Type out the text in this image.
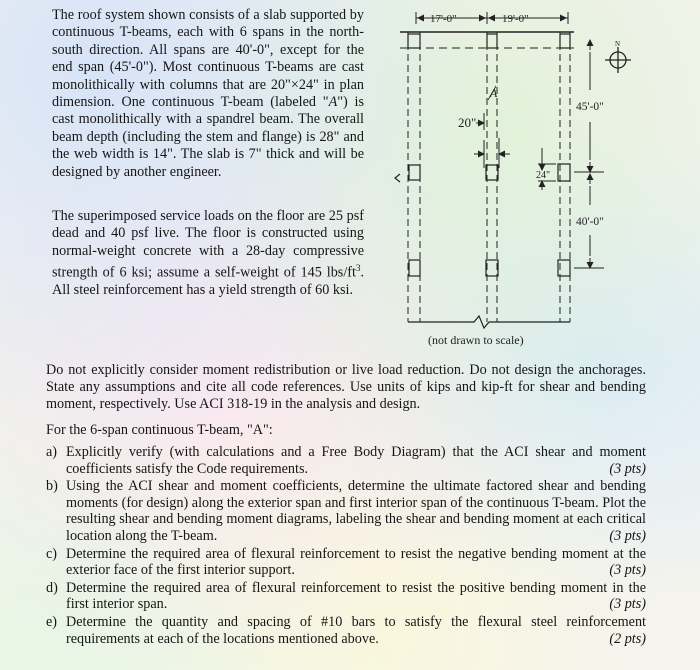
The roof system shown consists of a slab supported by continuous T-beams, each with 6 spans in the north-south direction. All spans are 40'-0", except for the end span (45'-0"). Most continuous T-beams are cast monolithically with columns that are 20"×24" in plan dimension. One continuous T-beam (labeled "A") is cast monolithically with a spandrel beam. The overall beam depth (including the stem and flange) is 28" and the web width is 14". The slab is 7" thick and will be designed by another engineer.

The superimposed service loads on the floor are 25 psf dead and 40 psf live. The floor is constructed using normal-weight concrete with a 28-day compressive strength of 6 ksi; assume a self-weight of 145 lbs/$ft^3$. All steel reinforcement has a yield strength of 60 ksi.

17'-0"	19'-0"
N
A
20"
24"
45'-0"
40'-0"
(not drawn to scale)

Do not explicitly consider moment redistribution or live load reduction. Do not design the anchorages. State any assumptions and cite all code references. Use units of kips and kip-ft for shear and bending moment, respectively. Use ACI 318-19 in the analysis and design.

For the 6-span continuous T-beam, "A":

a) Explicitly verify (with calculations and a Free Body Diagram) that the ACI shear and moment coefficients satisfy the Code requirements.	(3 pts)
b) Using the ACI shear and moment coefficients, determine the ultimate factored shear and bending moments (for design) along the exterior span and first interior span of the continuous T-beam. Plot the resulting shear and bending moment diagrams, labeling the shear and bending moment at each critical location along the T-beam.	(3 pts)
c) Determine the required area of flexural reinforcement to resist the negative bending moment at the exterior face of the first interior support.	(3 pts)
d) Determine the required area of flexural reinforcement to resist the positive bending moment in the first interior span.	(3 pts)
e) Determine the quantity and spacing of #10 bars to satisfy the flexural steel reinforcement requirements at each of the locations mentioned above.	(2 pts)
